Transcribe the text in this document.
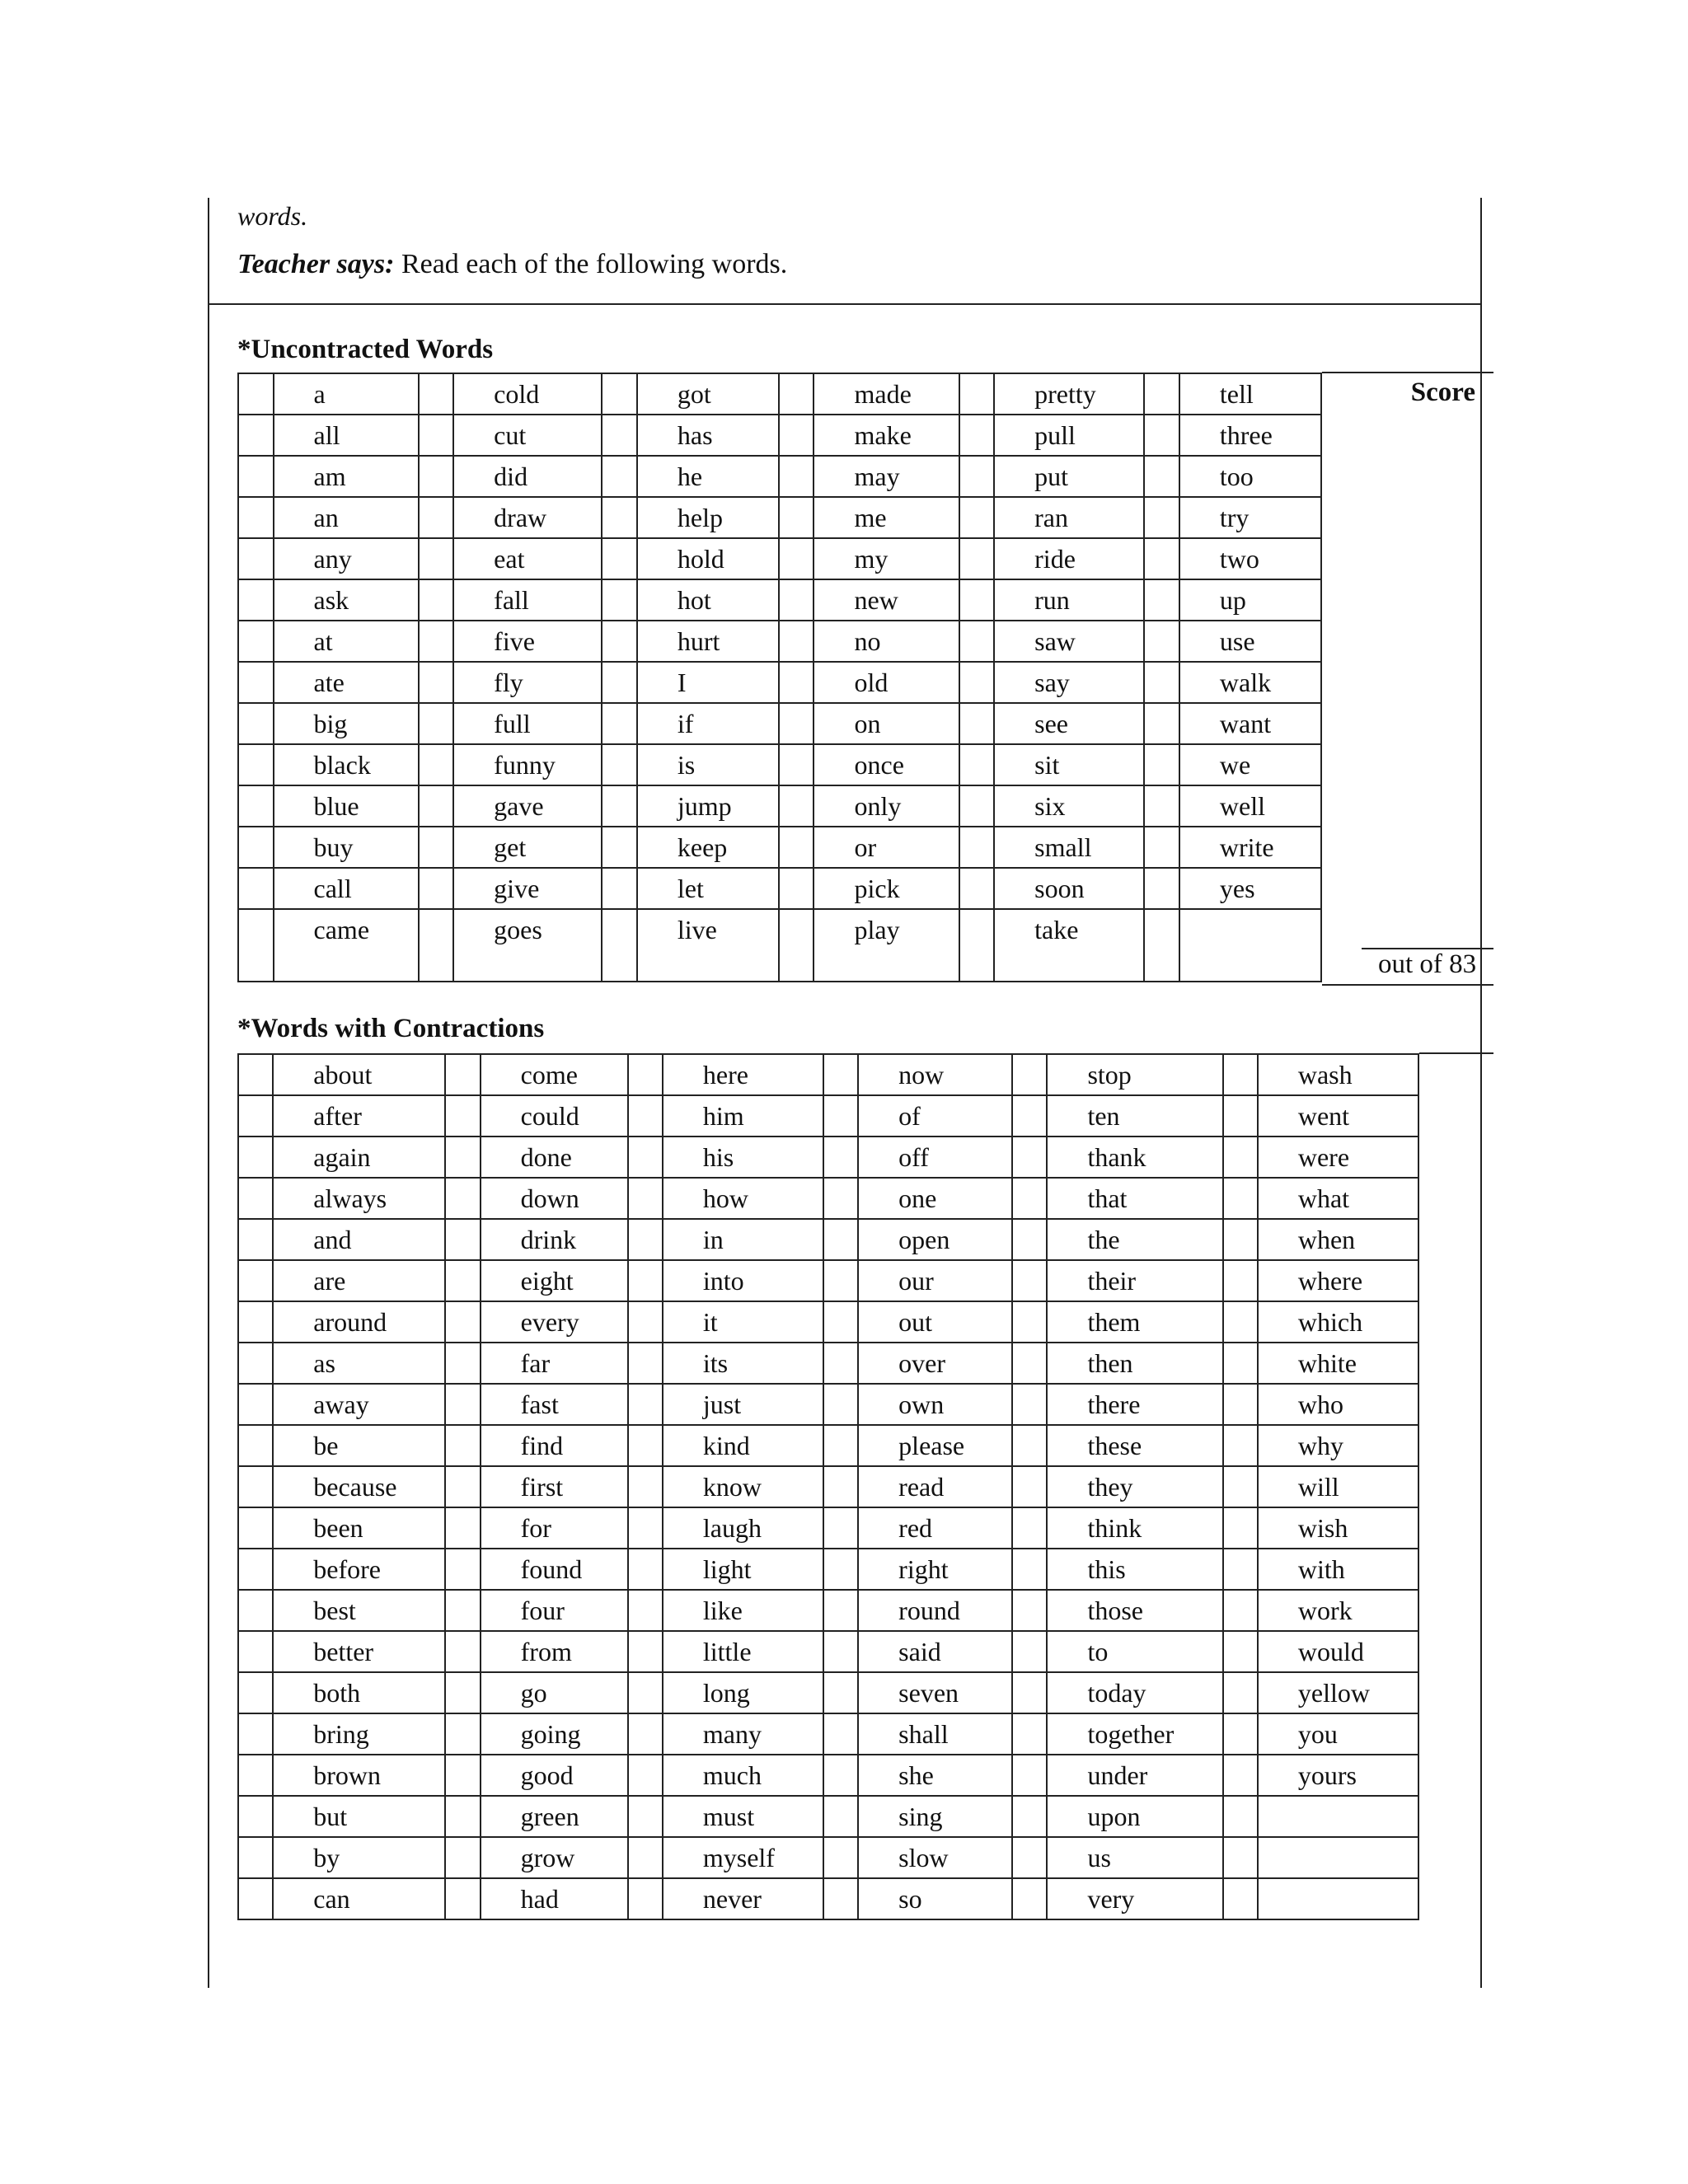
words.
Teacher says: Read each of the following words.
*Uncontracted Words
	a		cold		got		made		pretty		tell
	all		cut		has		make		pull		three
	am		did		he		may		put		too
	an		draw		help		me		ran		try
	any		eat		hold		my		ride		two
	ask		fall		hot		new		run		up
	at		five		hurt		no		saw		use
	ate		fly		I		old		say		walk
	big		full		if		on		see		want
	black		funny		is		once		sit		we
	blue		gave		jump		only		six		well
	buy		get		keep		or		small		write
	call		give		let		pick		soon		yes
	came		goes		live		play		take		
Score
out of 83
*Words with Contractions
	about		come		here		now		stop		wash
	after		could		him		of		ten		went
	again		done		his		off		thank		were
	always		down		how		one		that		what
	and		drink		in		open		the		when
	are		eight		into		our		their		where
	around		every		it		out		them		which
	as		far		its		over		then		white
	away		fast		just		own		there		who
	be		find		kind		please		these		why
	because		first		know		read		they		will
	been		for		laugh		red		think		wish
	before		found		light		right		this		with
	best		four		like		round		those		work
	better		from		little		said		to		would
	both		go		long		seven		today		yellow
	bring		going		many		shall		together		you
	brown		good		much		she		under		yours
	but		green		must		sing		upon		
	by		grow		myself		slow		us		
	can		had		never		so		very		
